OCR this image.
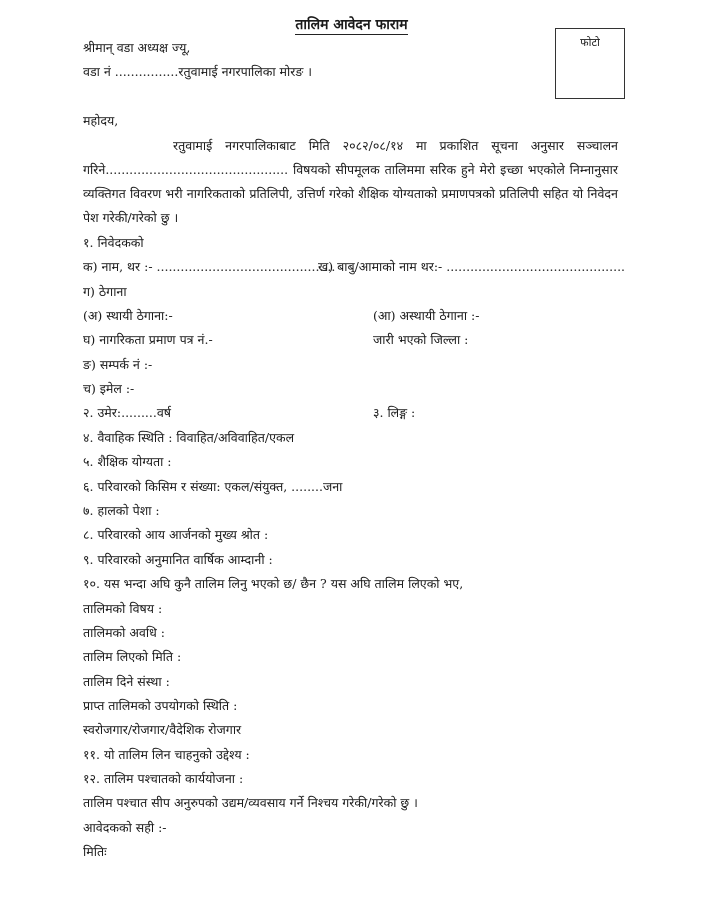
तालिम आवेदन फाराम
फोटो
श्रीमान् वडा अध्यक्ष ज्यू,
वडा नं ................रतुवामाई नगरपालिका मोरङ ।
महोदय,
रतुवामाई नगरपालिकाबाट मिति २०८२/०८/१४ मा प्रकाशित सूचना अनुसार सञ्चालन
गरिने.............................................. विषयको सीपमूलक तालिममा सरिक हुने मेरो इच्छा भएकोले निम्नानुसार
व्यक्तिगत विवरण भरी नागरिकताको प्रतिलिपी, उत्तिर्ण गरेको शैक्षिक योग्यताको प्रमाणपत्रको प्रतिलिपी सहित यो निवेदन
पेश गरेकी/गरेको छु ।
१. निवेदकको
क) नाम, थर :- .............................................
ख) बाबु/आमाको नाम थर:- .............................................
ग) ठेगाना
(अ) स्थायी ठेगाना:-	(आ) अस्थायी ठेगाना :-
घ) नागरिकता प्रमाण पत्र नं.-	जारी भएको जिल्ला :
ङ) सम्पर्क नं :-
च) इमेल :-
२. उमेर:.........वर्ष	३. लिङ्ग :
४. वैवाहिक स्थिति : विवाहित/अविवाहित/एकल
५. शैक्षिक योग्यता :
६. परिवारको किसिम र संख्या: एकल/संयुक्त, ........जना
७. हालको पेशा :
८. परिवारको आय आर्जनको मुख्य श्रोत :
९. परिवारको अनुमानित वार्षिक आम्दानी :
१०. यस भन्दा अघि कुनै तालिम लिनु भएको छ/ छैन ? यस अघि तालिम लिएको भए,
तालिमको विषय :
तालिमको अवधि :
तालिम लिएको मिति :
तालिम दिने संस्था :
प्राप्त तालिमको उपयोगको स्थिति :
स्वरोजगार/रोजगार/वैदेशिक रोजगार
११. यो तालिम लिन चाहनुको उद्देश्य :
१२. तालिम पश्चातको कार्ययोजना :
तालिम पश्चात सीप अनुरुपको उद्यम/व्यवसाय गर्ने निश्चय गरेकी/गरेको छु ।
आवेदकको सही :-
मितिः
